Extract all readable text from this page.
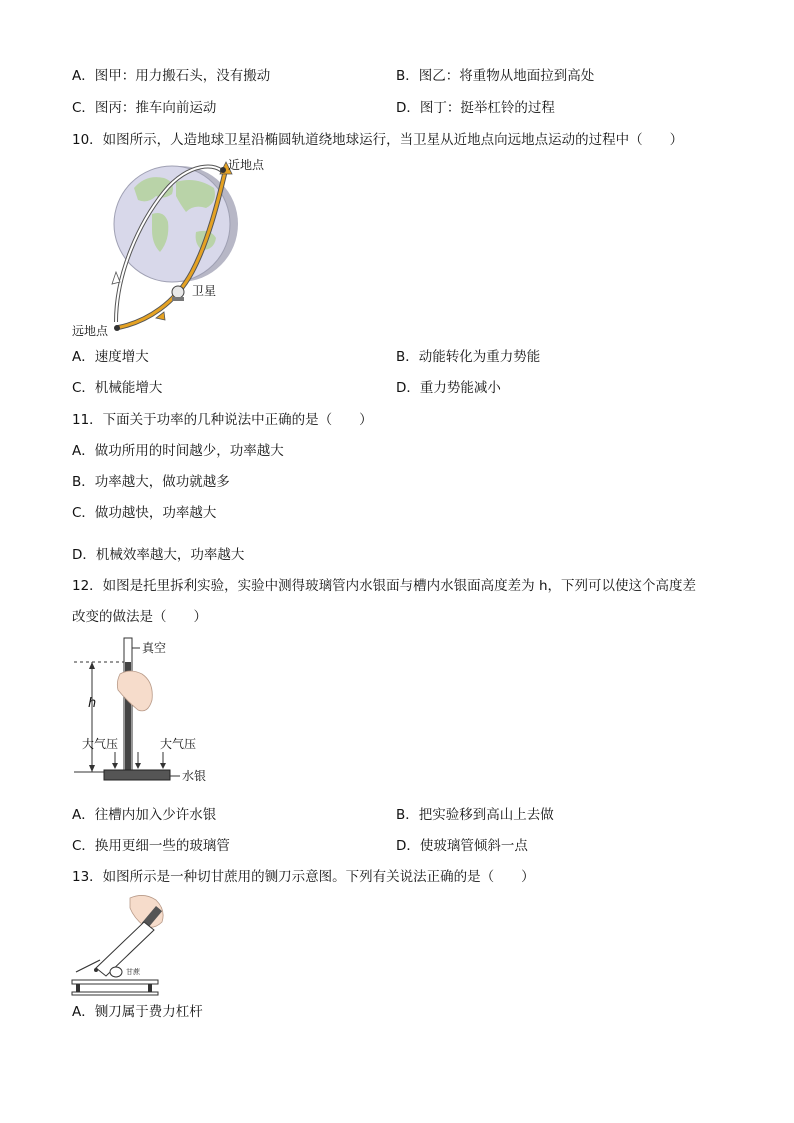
A．图甲：用力搬石头，没有搬动	B．图乙：将重物从地面拉到高处
C．图丙：推车向前运动	D．图丁：挺举杠铃的过程
10．如图所示，人造地球卫星沿椭圆轨道绕地球运行，当卫星从近地点向远地点运动的过程中（　　）
近地点
卫星
远地点
A．速度增大	B．动能转化为重力势能
C．机械能增大	D．重力势能减小
11．下面关于功率的几种说法中正确的是（　　）
A．做功所用的时间越少，功率越大
B．功率越大，做功就越多
C．做功越快，功率越大
D．机械效率越大，功率越大
12．如图是托里拆利实验，实验中测得玻璃管内水银面与槽内水银面高度差为 h，下列可以使这个高度差
改变的做法是（　　）
h
真空
大气压	大气压
水银
A．往槽内加入少许水银	B．把实验移到高山上去做
C．换用更细一些的玻璃管	D．使玻璃管倾斜一点
13．如图所示是一种切甘蔗用的铡刀示意图。下列有关说法正确的是（　　）
甘蔗
A．铡刀属于费力杠杆
